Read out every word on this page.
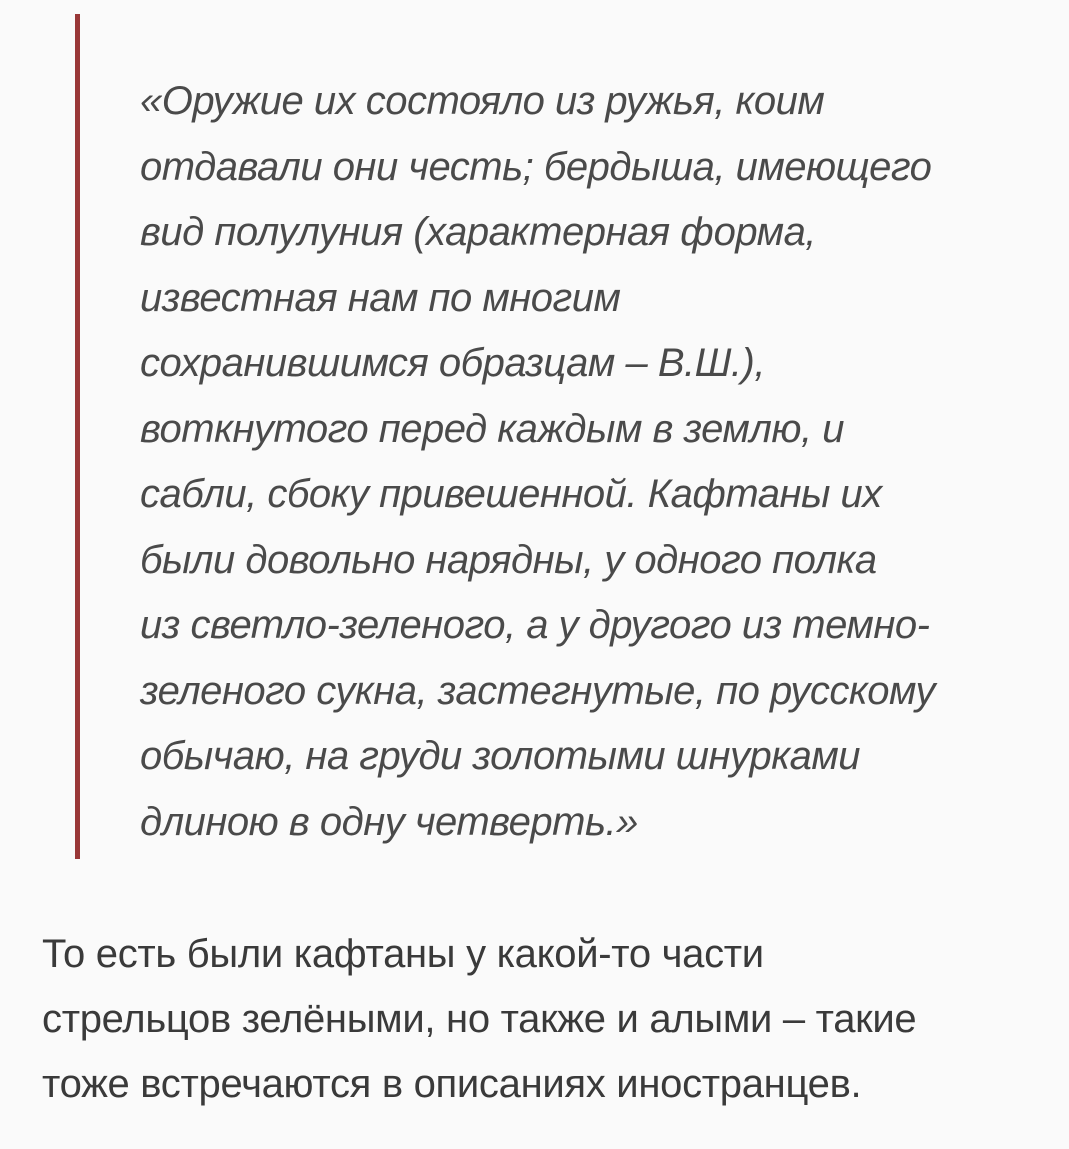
«Оружие их состояло из ружья, коим
отдавали они честь; бердыша, имеющего
вид полулуния (характерная форма,
известная нам по многим
сохранившимся образцам – В.Ш.),
воткнутого перед каждым в землю, и
сабли, сбоку привешенной. Кафтаны их
были довольно нарядны, у одного полка
из светло-зеленого, а у другого из темно-
зеленого сукна, застегнутые, по русскому
обычаю, на груди золотыми шнурками
длиною в одну четверть.»

То есть были кафтаны у какой-то части
стрельцов зелёными, но также и алыми – такие
тоже встречаются в описаниях иностранцев.
